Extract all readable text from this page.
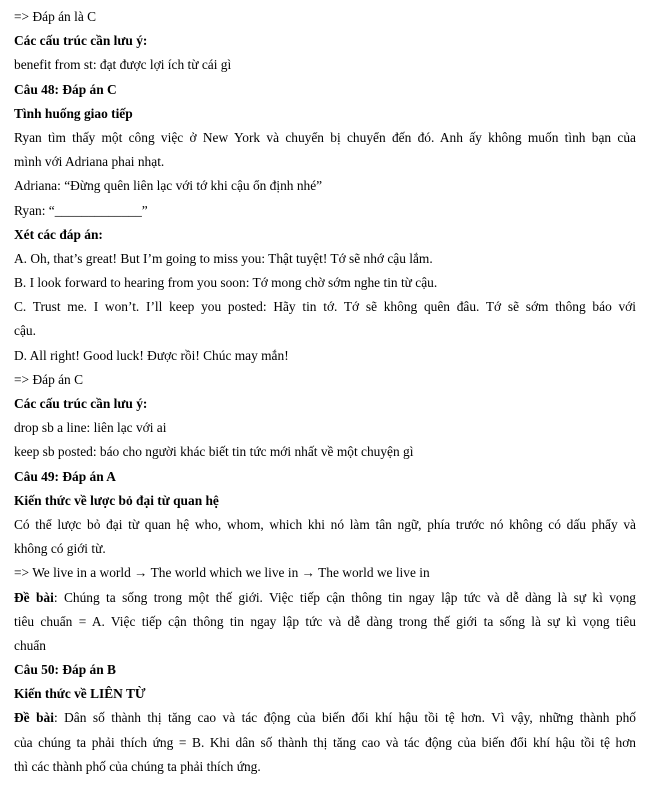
=> Đáp án là C
Các cấu trúc cần lưu ý:
benefit from st: đạt được lợi ích từ cái gì
Câu 48: Đáp án C
Tình huống giao tiếp
Ryan tìm thấy một công việc ở New York và chuyển bị chuyển đến đó. Anh ấy không muốn tình bạn của
mình với Adriana phai nhạt.
Adriana: “Đừng quên liên lạc với tớ khi cậu ổn định nhé”
Ryan: “_____________”
Xét các đáp án:
A. Oh, that’s great! But I’m going to miss you: Thật tuyệt! Tớ sẽ nhớ cậu lắm.
B. I look forward to hearing from you soon: Tớ mong chờ sớm nghe tin từ cậu.
C. Trust me. I won’t. I’ll keep you posted: Hãy tin tớ. Tớ sẽ không quên đâu. Tớ sẽ sớm thông báo với
cậu.
D. All right! Good luck! Được rồi! Chúc may mắn!
=> Đáp án C
Các cấu trúc cần lưu ý:
drop sb a line: liên lạc với ai
keep sb posted: báo cho người khác biết tin tức mới nhất về một chuyện gì
Câu 49: Đáp án A
Kiến thức về lược bỏ đại từ quan hệ
Có thể lược bỏ đại từ quan hệ who, whom, which khi nó làm tân ngữ, phía trước nó không có dấu phẩy và
không có giới từ.
=> We live in a world → The world which we live in → The world we live in
Đề bài: Chúng ta sống trong một thế giới. Việc tiếp cận thông tin ngay lập tức và dễ dàng là sự kì vọng
tiêu chuẩn = A. Việc tiếp cận thông tin ngay lập tức và dễ dàng trong thế giới ta sống là sự kì vọng tiêu
chuẩn
Câu 50: Đáp án B
Kiến thức về LIÊN TỪ
Đề bài: Dân số thành thị tăng cao và tác động của biến đổi khí hậu tồi tệ hơn. Vì vậy, những thành phố
của chúng ta phải thích ứng = B. Khi dân số thành thị tăng cao và tác động của biến đổi khí hậu tồi tệ hơn
thì các thành phố của chúng ta phải thích ứng.
